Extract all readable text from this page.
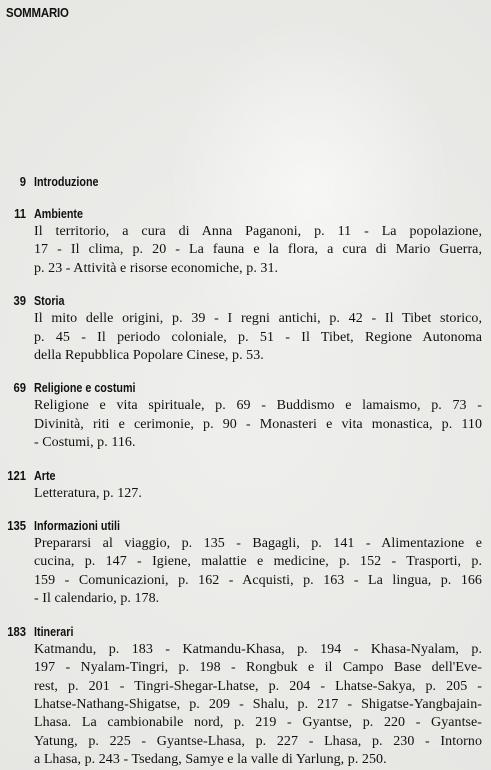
SOMMARIO
9 Introduzione
11 Ambiente
Il territorio, a cura di Anna Paganoni, p. 11 - La popolazione,
17 - Il clima, p. 20 - La fauna e la flora, a cura di Mario Guerra,
p. 23 - Attività e risorse economiche, p. 31.
39 Storia
Il mito delle origini, p. 39 - I regni antichi, p. 42 - Il Tibet storico,
p. 45 - Il periodo coloniale, p. 51 - Il Tibet, Regione Autonoma
della Repubblica Popolare Cinese, p. 53.
69 Religione e costumi
Religione e vita spirituale, p. 69 - Buddismo e lamaismo, p. 73 -
Divinità, riti e cerimonie, p. 90 - Monasteri e vita monastica, p. 110
- Costumi, p. 116.
121 Arte
Letteratura, p. 127.
135 Informazioni utili
Prepararsi al viaggio, p. 135 - Bagagli, p. 141 - Alimentazione e
cucina, p. 147 - Igiene, malattie e medicine, p. 152 - Trasporti, p.
159 - Comunicazioni, p. 162 - Acquisti, p. 163 - La lingua, p. 166
- Il calendario, p. 178.
183 Itinerari
Katmandu, p. 183 - Katmandu-Khasa, p. 194 - Khasa-Nyalam, p.
197 - Nyalam-Tingri, p. 198 - Rongbuk e il Campo Base dell'Eve-
rest, p. 201 - Tingri-Shegar-Lhatse, p. 204 - Lhatse-Sakya, p. 205 -
Lhatse-Nathang-Shigatse, p. 209 - Shalu, p. 217 - Shigatse-Yangbajain-
Lhasa. La cambionabile nord, p. 219 - Gyantse, p. 220 - Gyantse-
Yatung, p. 225 - Gyantse-Lhasa, p. 227 - Lhasa, p. 230 - Intorno
a Lhasa, p. 243 - Tsedang, Samye e la valle di Yarlung, p. 250.
